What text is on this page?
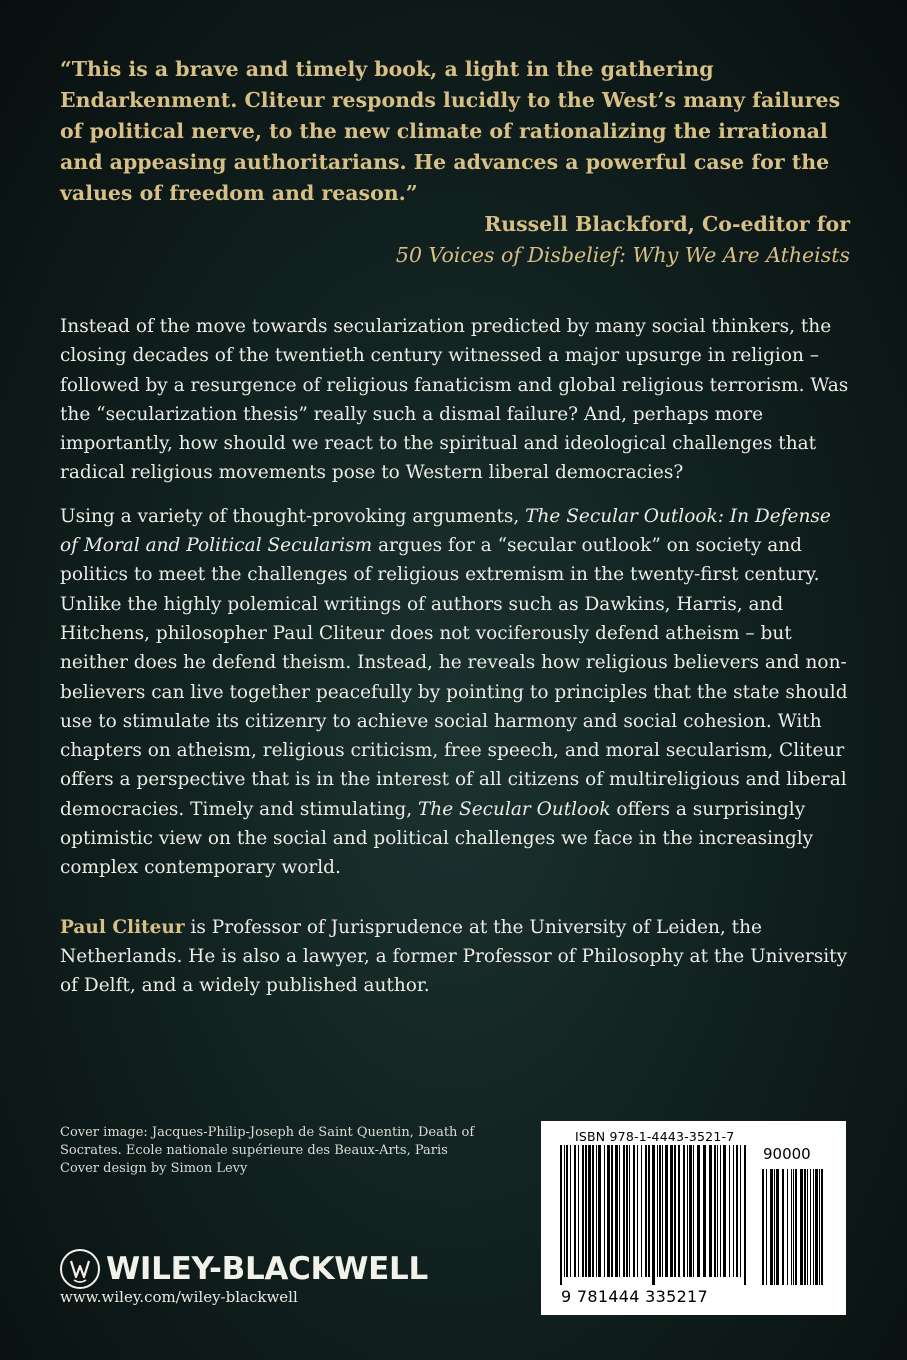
“This is a brave and timely book, a light in the gathering Endarkenment. Cliteur responds lucidly to the West’s many failures of political nerve, to the new climate of rationalizing the irrational and appeasing authoritarians. He advances a powerful case for the values of freedom and reason.”

Russell Blackford, Co-editor for
50 Voices of Disbelief: Why We Are Atheists

Instead of the move towards secularization predicted by many social thinkers, the closing decades of the twentieth century witnessed a major upsurge in religion – followed by a resurgence of religious fanaticism and global religious terrorism. Was the “secularization thesis” really such a dismal failure? And, perhaps more importantly, how should we react to the spiritual and ideological challenges that radical religious movements pose to Western liberal democracies?

Using a variety of thought-provoking arguments, The Secular Outlook: In Defense of Moral and Political Secularism argues for a “secular outlook” on society and politics to meet the challenges of religious extremism in the twenty-first century. Unlike the highly polemical writings of authors such as Dawkins, Harris, and Hitchens, philosopher Paul Cliteur does not vociferously defend atheism – but neither does he defend theism. Instead, he reveals how religious believers and non-believers can live together peacefully by pointing to principles that the state should use to stimulate its citizenry to achieve social harmony and social cohesion. With chapters on atheism, religious criticism, free speech, and moral secularism, Cliteur offers a perspective that is in the interest of all citizens of multireligious and liberal democracies. Timely and stimulating, The Secular Outlook offers a surprisingly optimistic view on the social and political challenges we face in the increasingly complex contemporary world.

Paul Cliteur is Professor of Jurisprudence at the University of Leiden, the Netherlands. He is also a lawyer, a former Professor of Philosophy at the University of Delft, and a widely published author.

Cover image: Jacques-Philip-Joseph de Saint Quentin, Death of
Socrates. Ecole nationale supérieure des Beaux-Arts, Paris
Cover design by Simon Levy
WILEY-BLACKWELL
www.wiley.com/wiley-blackwell
ISBN 978-1-4443-3521-7
90000
9 781444 335217
